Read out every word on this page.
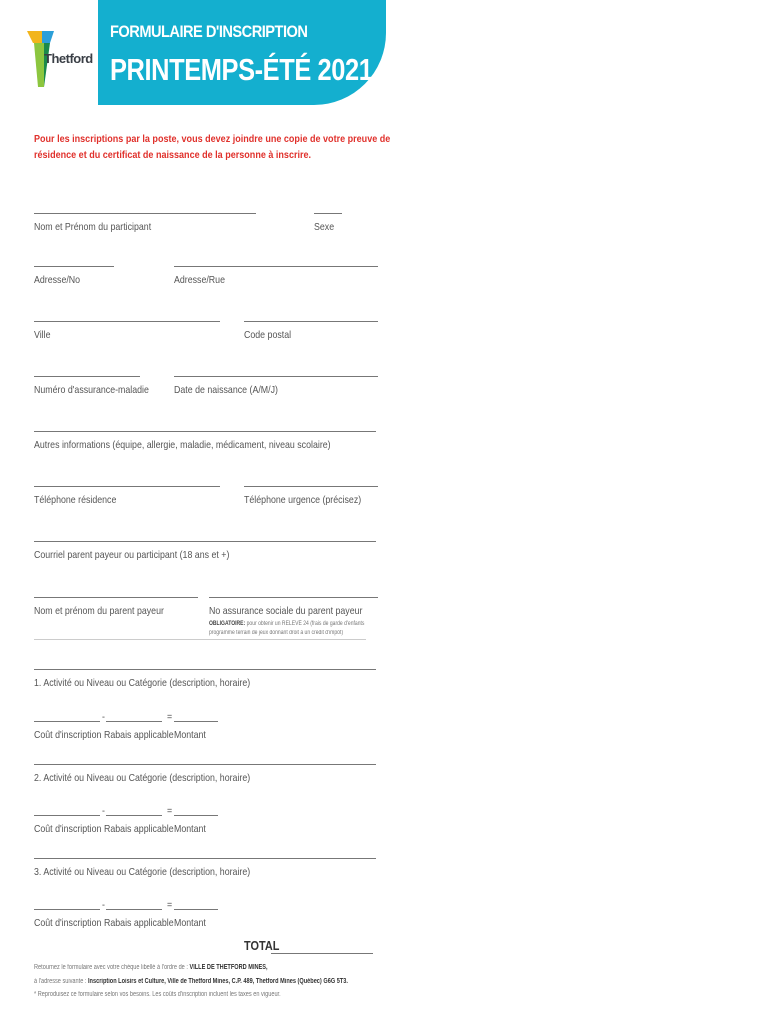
Thetford
FORMULAIRE D'INSCRIPTION
PRINTEMPS-ÉTÉ 2021
Pour les inscriptions par la poste, vous devez joindre une copie de votre preuve de résidence et du certificat de naissance de la personne à inscrire.
Nom et Prénom du participant	Sexe
Adresse/No	Adresse/Rue
Ville	Code postal
Numéro d'assurance-maladie Date de naissance (A/M/J)
Autres informations (équipe, allergie, maladie, médicament, niveau scolaire)
Téléphone résidence	Téléphone urgence (précisez)
Courriel parent payeur ou participant (18 ans et +)
Nom et prénom du parent payeur	No assurance sociale du parent payeur
OBLIGATOIRE: pour obtenir un RELEVÉ 24 (frais de garde d'enfants
programme terrain de jeux donnant droit à un crédit d'impôt)
1. Activité ou Niveau ou Catégorie (description, horaire)
-	=
Coût d'inscription Rabais applicable Montant
2. Activité ou Niveau ou Catégorie (description, horaire)
-	=
Coût d'inscription Rabais applicable Montant
3. Activité ou Niveau ou Catégorie (description, horaire)
-	=
Coût d'inscription Rabais applicable Montant
TOTAL
Retournez le formulaire avec votre chèque libellé à l'ordre de : VILLE DE THETFORD MINES,
à l'adresse suivante : Inscription Loisirs et Culture, Ville de Thetford Mines, C.P. 489, Thetford Mines (Québec) G6G 5T3.
* Reproduisez ce formulaire selon vos besoins. Les coûts d'inscription incluent les taxes en vigueur.
